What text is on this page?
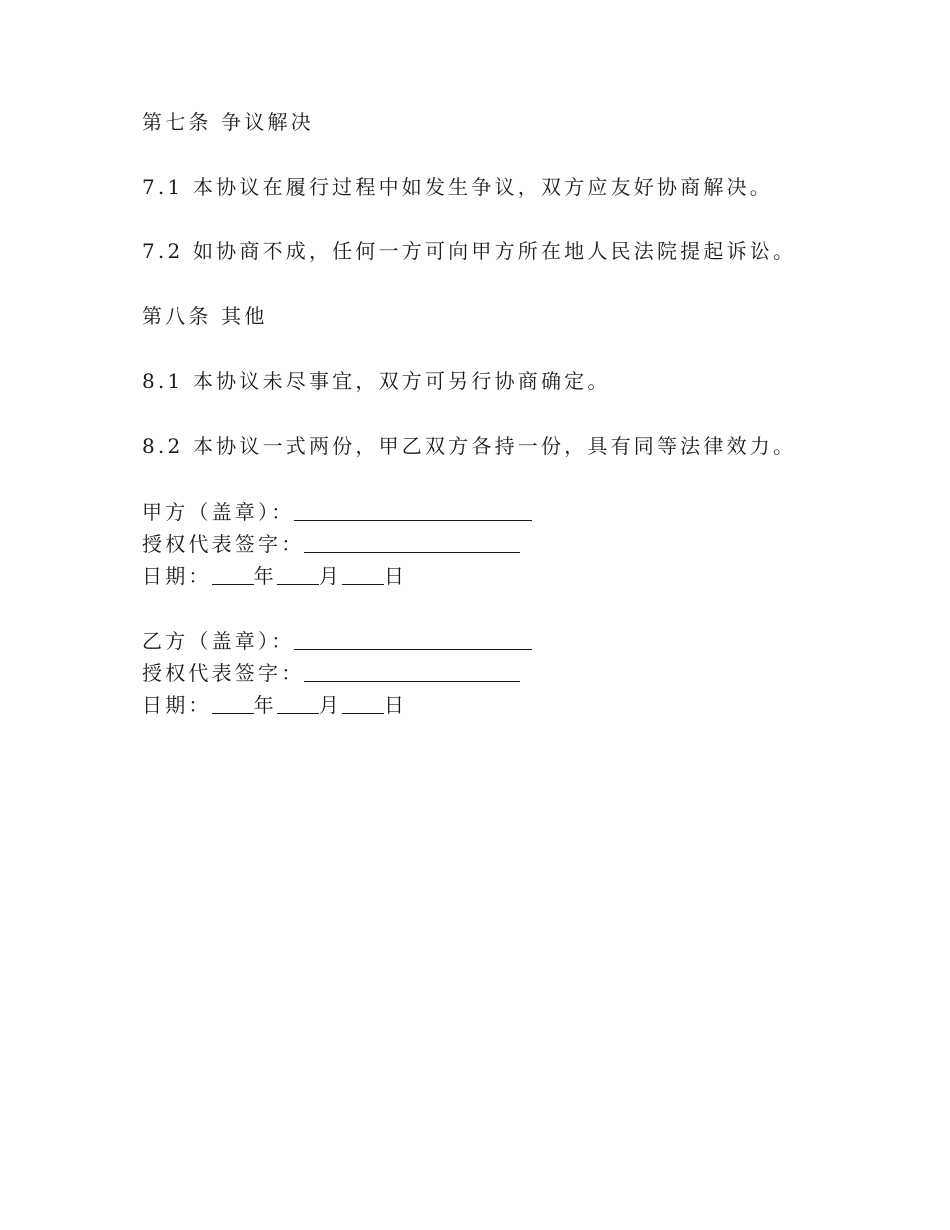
第七条 争议解决
7.1 本协议在履行过程中如发生争议，双方应友好协商解决。
7.2 如协商不成，任何一方可向甲方所在地人民法院提起诉讼。
第八条 其他
8.1 本协议未尽事宜，双方可另行协商确定。
8.2 本协议一式两份，甲乙双方各持一份，具有同等法律效力。
甲方（盖章）：
授权代表签字：
日期： 年 月 日
乙方（盖章）：
授权代表签字：
日期： 年 月 日
